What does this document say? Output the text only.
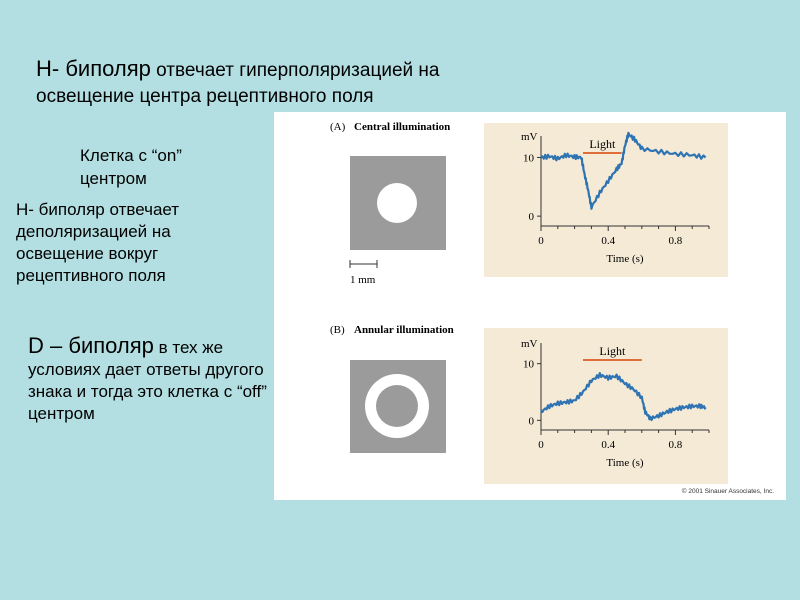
H- биполяр отвечает гиперполяризацией на освещение центра рецептивного поля
Клетка с “on”
центром
H- биполяр отвечает деполяризацией на освещение вокруг рецептивного поля
D – биполяр в тех же условиях дает ответы другого знака и тогда это клетка с “off” центром
(A) Central illumination
1 mm
mV
0
10
0	0.4	0.8
Time (s)
Light
(B) Annular illumination
mV
0
10
0	0.4	0.8
Time (s)
Light
© 2001 Sinauer Associates, Inc.
